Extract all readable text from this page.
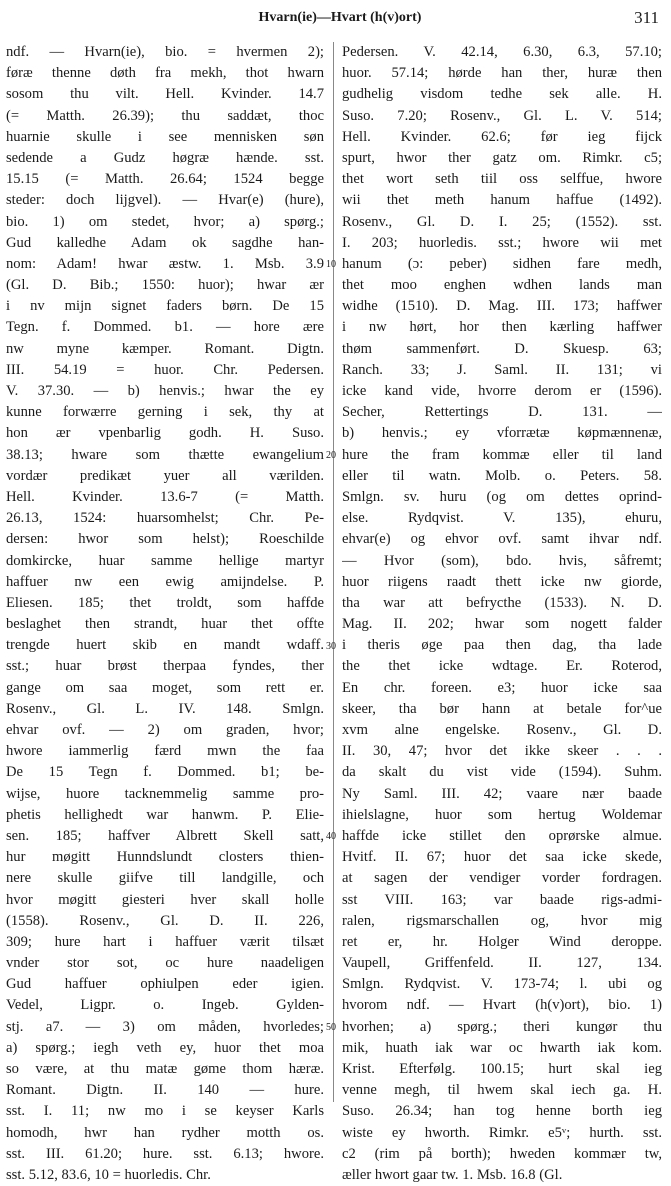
Hvarn(ie)—Hvart (h(v)ort)	311
ndf. — Hvarn(ie), bio. = hvermen 2);
føræ thenne døth fra mekh, thot hwarn
sosom thu vilt. Hell. Kvinder. 14.7
(= Matth. 26.39); thu saddæt, thoc
huarnie skulle i see mennisken søn
sedende a Gudz høgræ hænde. sst.
15.15 (= Matth. 26.64; 1524 begge
steder: doch lijgvel). — Hvar(e) (hure),
bio. 1) om stedet, hvor; a) spørg.;
Gud kalledhe Adam ok sagdhe han-
nom: Adam! hwar æstw. 1. Msb. 3.9
(Gl. D. Bib.; 1550: huor); hwar ær
i nv mijn signet faders børn. De 15
Tegn. f. Dommed. b1. — hore ære
nw myne kæmper. Romant. Digtn.
III. 54.19 = huor. Chr. Pedersen.
V. 37.30. — b) henvis.; hwar the ey
kunne forwærre gerning i sek, thy at
hon ær vpenbarlig godh. H. Suso.
38.13; hware som thætte ewangelium
vordær predikæt yuer all værilden.
Hell. Kvinder. 13.6-7 (= Matth.
26.13, 1524: huarsomhelst; Chr. Pe-
dersen: hwor som helst); Roeschilde
domkircke, huar samme hellige martyr
haffuer nw een ewig amijndelse. P.
Eliesen. 185; thet troldt, som haffde
beslaghet then strandt, huar thet offte
trengde huert skib en mandt wdaff.
sst.; huar brøst therpaa fyndes, ther
gange om saa moget, som rett er.
Rosenv., Gl. L. IV. 148. Smlgn.
ehvar ovf. — 2) om graden, hvor;
hwore iammerlig færd mwn the faa
De 15 Tegn f. Dommed. b1; be-
wijse, huore tacknemmelig samme pro-
phetis hellighedt war hanwm. P. Elie-
sen. 185; haffver Albrett Skell satt,
hur møgitt Hunndslundt closters thien-
nere skulle giifve till landgille, och
hvor møgitt giesteri hver skall holle
(1558). Rosenv., Gl. D. II. 226,
309; hure hart i haffuer værit tilsæt
vnder stor sot, oc hure naadeligen
Gud haffuer ophiulpen eder igien.
Vedel, Ligpr. o. Ingeb. Gylden-
stj. a7. — 3) om måden, hvorledes;
a) spørg.; iegh veth ey, huor thet moa
so være, at thu matæ gøme thom hæræ.
Romant. Digtn. II. 140 — hure.
sst. I. 11; nw mo i se keyser Karls
homodh, hwr han rydher motth os.
sst. III. 61.20; hure. sst. 6.13; hwore.
sst. 5.12, 83.6, 10 = huorledis. Chr.
Pedersen. V. 42.14, 6.30, 6.3, 57.10;
huor. 57.14; hørde han ther, huræ then
gudhelig visdom tedhe sek alle. H.
Suso. 7.20; Rosenv., Gl. L. V. 514;
Hell. Kvinder. 62.6; før ieg fijck
spurt, hwor ther gatz om. Rimkr. c5;
thet wort seth tiil oss selffue, hwore
wii thet meth hanum haffue (1492).
Rosenv., Gl. D. I. 25; (1552). sst.
I. 203; huorledis. sst.; hwore wii met
hanum (ɔ: peber) sidhen fare medh,
thet moo enghen wdhen lands man
widhe (1510). D. Mag. III. 173; haffwer
i nw hørt, hor then kærling haffwer
thøm sammenført. D. Skuesp. 63;
Ranch. 33; J. Saml. II. 131; vi
icke kand vide, hvorre derom er (1596).
Secher, Rettertings D. 131. —
b) henvis.; ey vforrætæ køpmænnenæ,
hure the fram kommæ eller til land
eller til watn. Molb. o. Peters. 58.
Smlgn. sv. huru (og om dettes oprind-
else. Rydqvist. V. 135), ehuru,
ehvar(e) og ehvor ovf. samt ihvar ndf.
— Hvor (som), bdo. hvis, såfremt;
huor riigens raadt thett icke nw giorde,
tha war att befrycthe (1533). N. D.
Mag. II. 202; hwar som nogett falder
i theris øge paa then dag, tha lade
the thet icke wdtage. Er. Roterod,
En chr. foreen. e3; huor icke saa
skeer, tha bør hann at betale for^ue
xvm alne engelske. Rosenv., Gl. D.
II. 30, 47; hvor det ikke skeer . . .
da skalt du vist vide (1594). Suhm.
Ny Saml. III. 42; vaare nær baade
ihielslagne, huor som hertug Woldemar
haffde icke stillet den oprørske almue.
Hvitf. II. 67; huor det saa icke skede,
at sagen der vendiger vorder fordragen.
sst VIII. 163; var baade rigs-admi-
ralen, rigsmarschallen og, hvor mig
ret er, hr. Holger Wind deroppe.
Vaupell, Griffenfeld. II. 127, 134.
Smlgn. Rydqvist. V. 173-74; l. ubi og
hvorom ndf. — Hvart (h(v)ort), bio. 1)
hvorhen; a) spørg.; theri kungør thu
mik, huath iak war oc hwarth iak kom.
Krist. Efterfølg. 100.15; hurt skal ieg
venne megh, til hwem skal iech ga. H.
Suso. 26.34; han tog henne borth ieg
wiste ey hworth. Rimkr. e5ᵛ; hurth. sst.
c2 (rim på borth); hweden kommær tw,
æller hwort gaar tw. 1. Msb. 16.8 (Gl.
10
20
30
40
50
